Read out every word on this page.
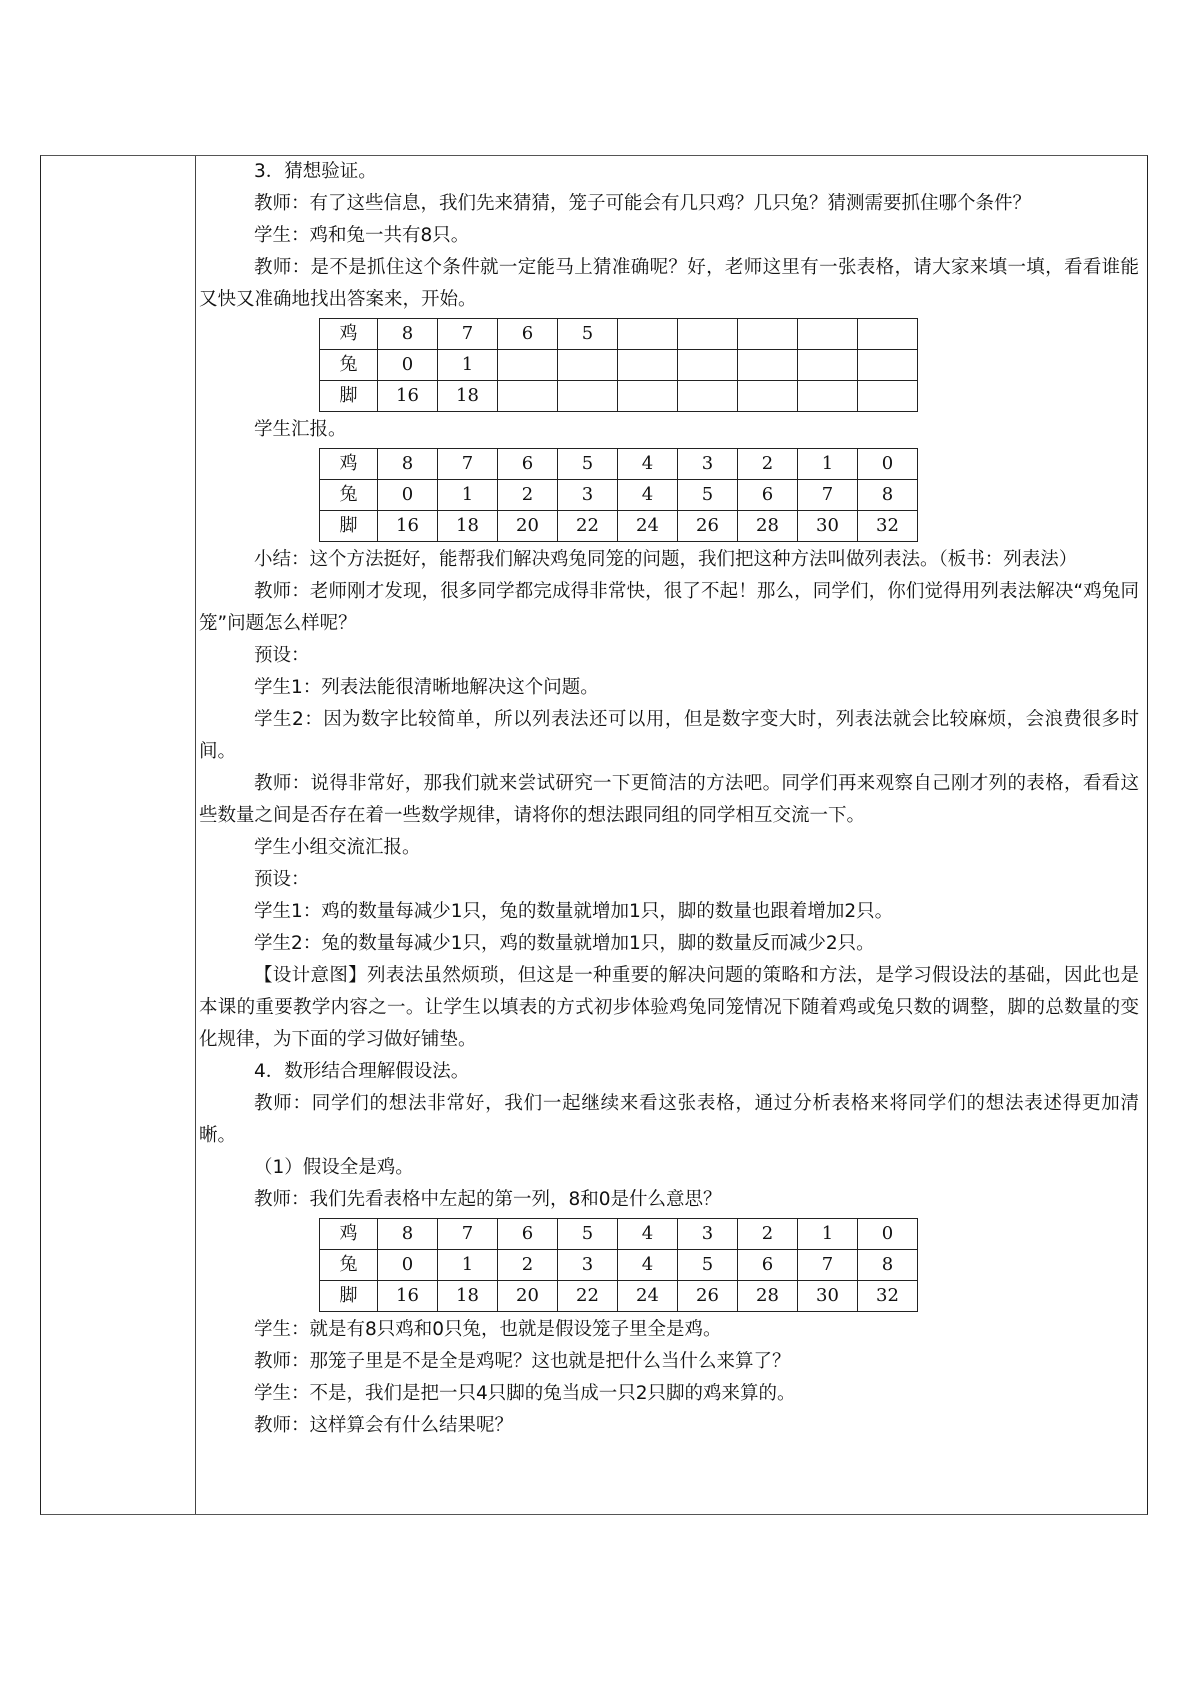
3．猜想验证。

教师：有了这些信息，我们先来猜猜，笼子可能会有几只鸡？几只兔？猜测需要抓住哪个条件？

学生：鸡和兔一共有8只。

教师：是不是抓住这个条件就一定能马上猜准确呢？好，老师这里有一张表格，请大家来填一填，看看谁能又快又准确地找出答案来，开始。

鸡	8	7	6	5					
兔	0	1							
脚	16	18							

学生汇报。

鸡	8	7	6	5	4	3	2	1	0
兔	0	1	2	3	4	5	6	7	8
脚	16	18	20	22	24	26	28	30	32

小结：这个方法挺好，能帮我们解决鸡兔同笼的问题，我们把这种方法叫做列表法。（板书：列表法）

教师：老师刚才发现，很多同学都完成得非常快，很了不起！那么，同学们，你们觉得用列表法解决“鸡兔同笼”问题怎么样呢？

预设：

学生1：列表法能很清晰地解决这个问题。

学生2：因为数字比较简单，所以列表法还可以用，但是数字变大时，列表法就会比较麻烦，会浪费很多时间。

教师：说得非常好，那我们就来尝试研究一下更简洁的方法吧。同学们再来观察自己刚才列的表格，看看这些数量之间是否存在着一些数学规律，请将你的想法跟同组的同学相互交流一下。

学生小组交流汇报。

预设：

学生1：鸡的数量每减少1只，兔的数量就增加1只，脚的数量也跟着增加2只。

学生2：兔的数量每减少1只，鸡的数量就增加1只，脚的数量反而减少2只。

【设计意图】列表法虽然烦琐，但这是一种重要的解决问题的策略和方法，是学习假设法的基础，因此也是本课的重要教学内容之一。让学生以填表的方式初步体验鸡兔同笼情况下随着鸡或兔只数的调整，脚的总数量的变化规律，为下面的学习做好铺垫。

4．数形结合理解假设法。

教师：同学们的想法非常好，我们一起继续来看这张表格，通过分析表格来将同学们的想法表述得更加清晰。

（1）假设全是鸡。

教师：我们先看表格中左起的第一列，8和0是什么意思？

鸡	8	7	6	5	4	3	2	1	0
兔	0	1	2	3	4	5	6	7	8
脚	16	18	20	22	24	26	28	30	32

学生：就是有8只鸡和0只兔，也就是假设笼子里全是鸡。

教师：那笼子里是不是全是鸡呢？这也就是把什么当什么来算了？

学生：不是，我们是把一只4只脚的兔当成一只2只脚的鸡来算的。

教师：这样算会有什么结果呢？
